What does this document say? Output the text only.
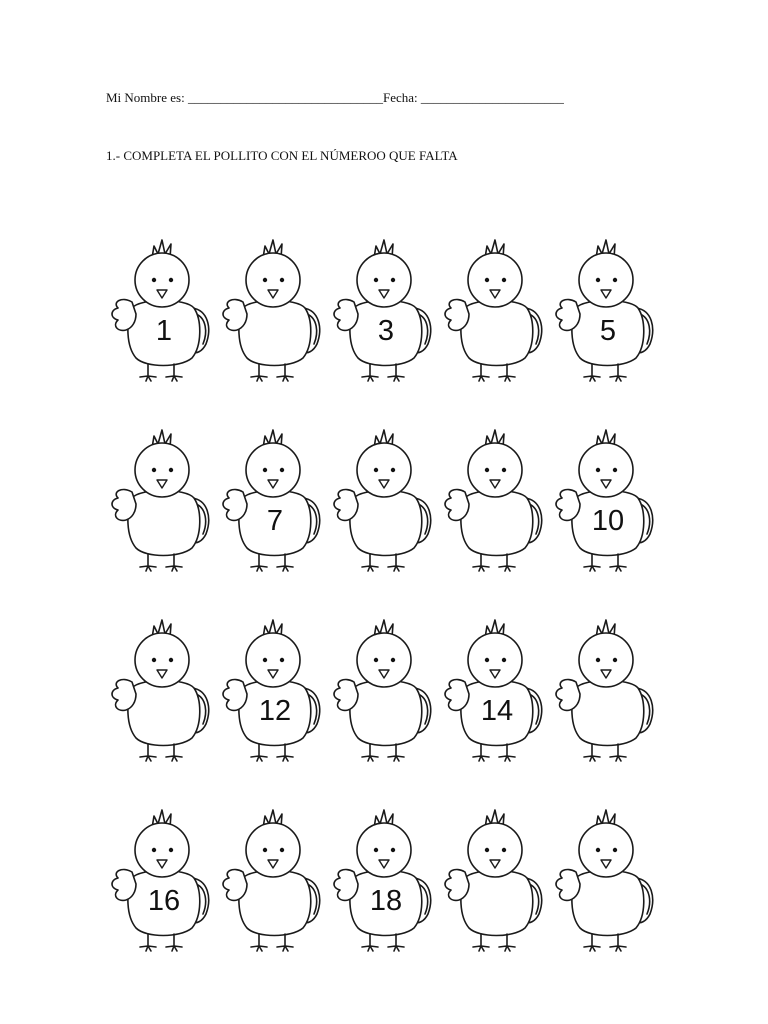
Mi Nombre es: ______________________________Fecha: ______________________
1.- COMPLETA EL POLLITO CON EL NÚMEROO QUE FALTA
1	3	5
7	10
12	14
16	18
